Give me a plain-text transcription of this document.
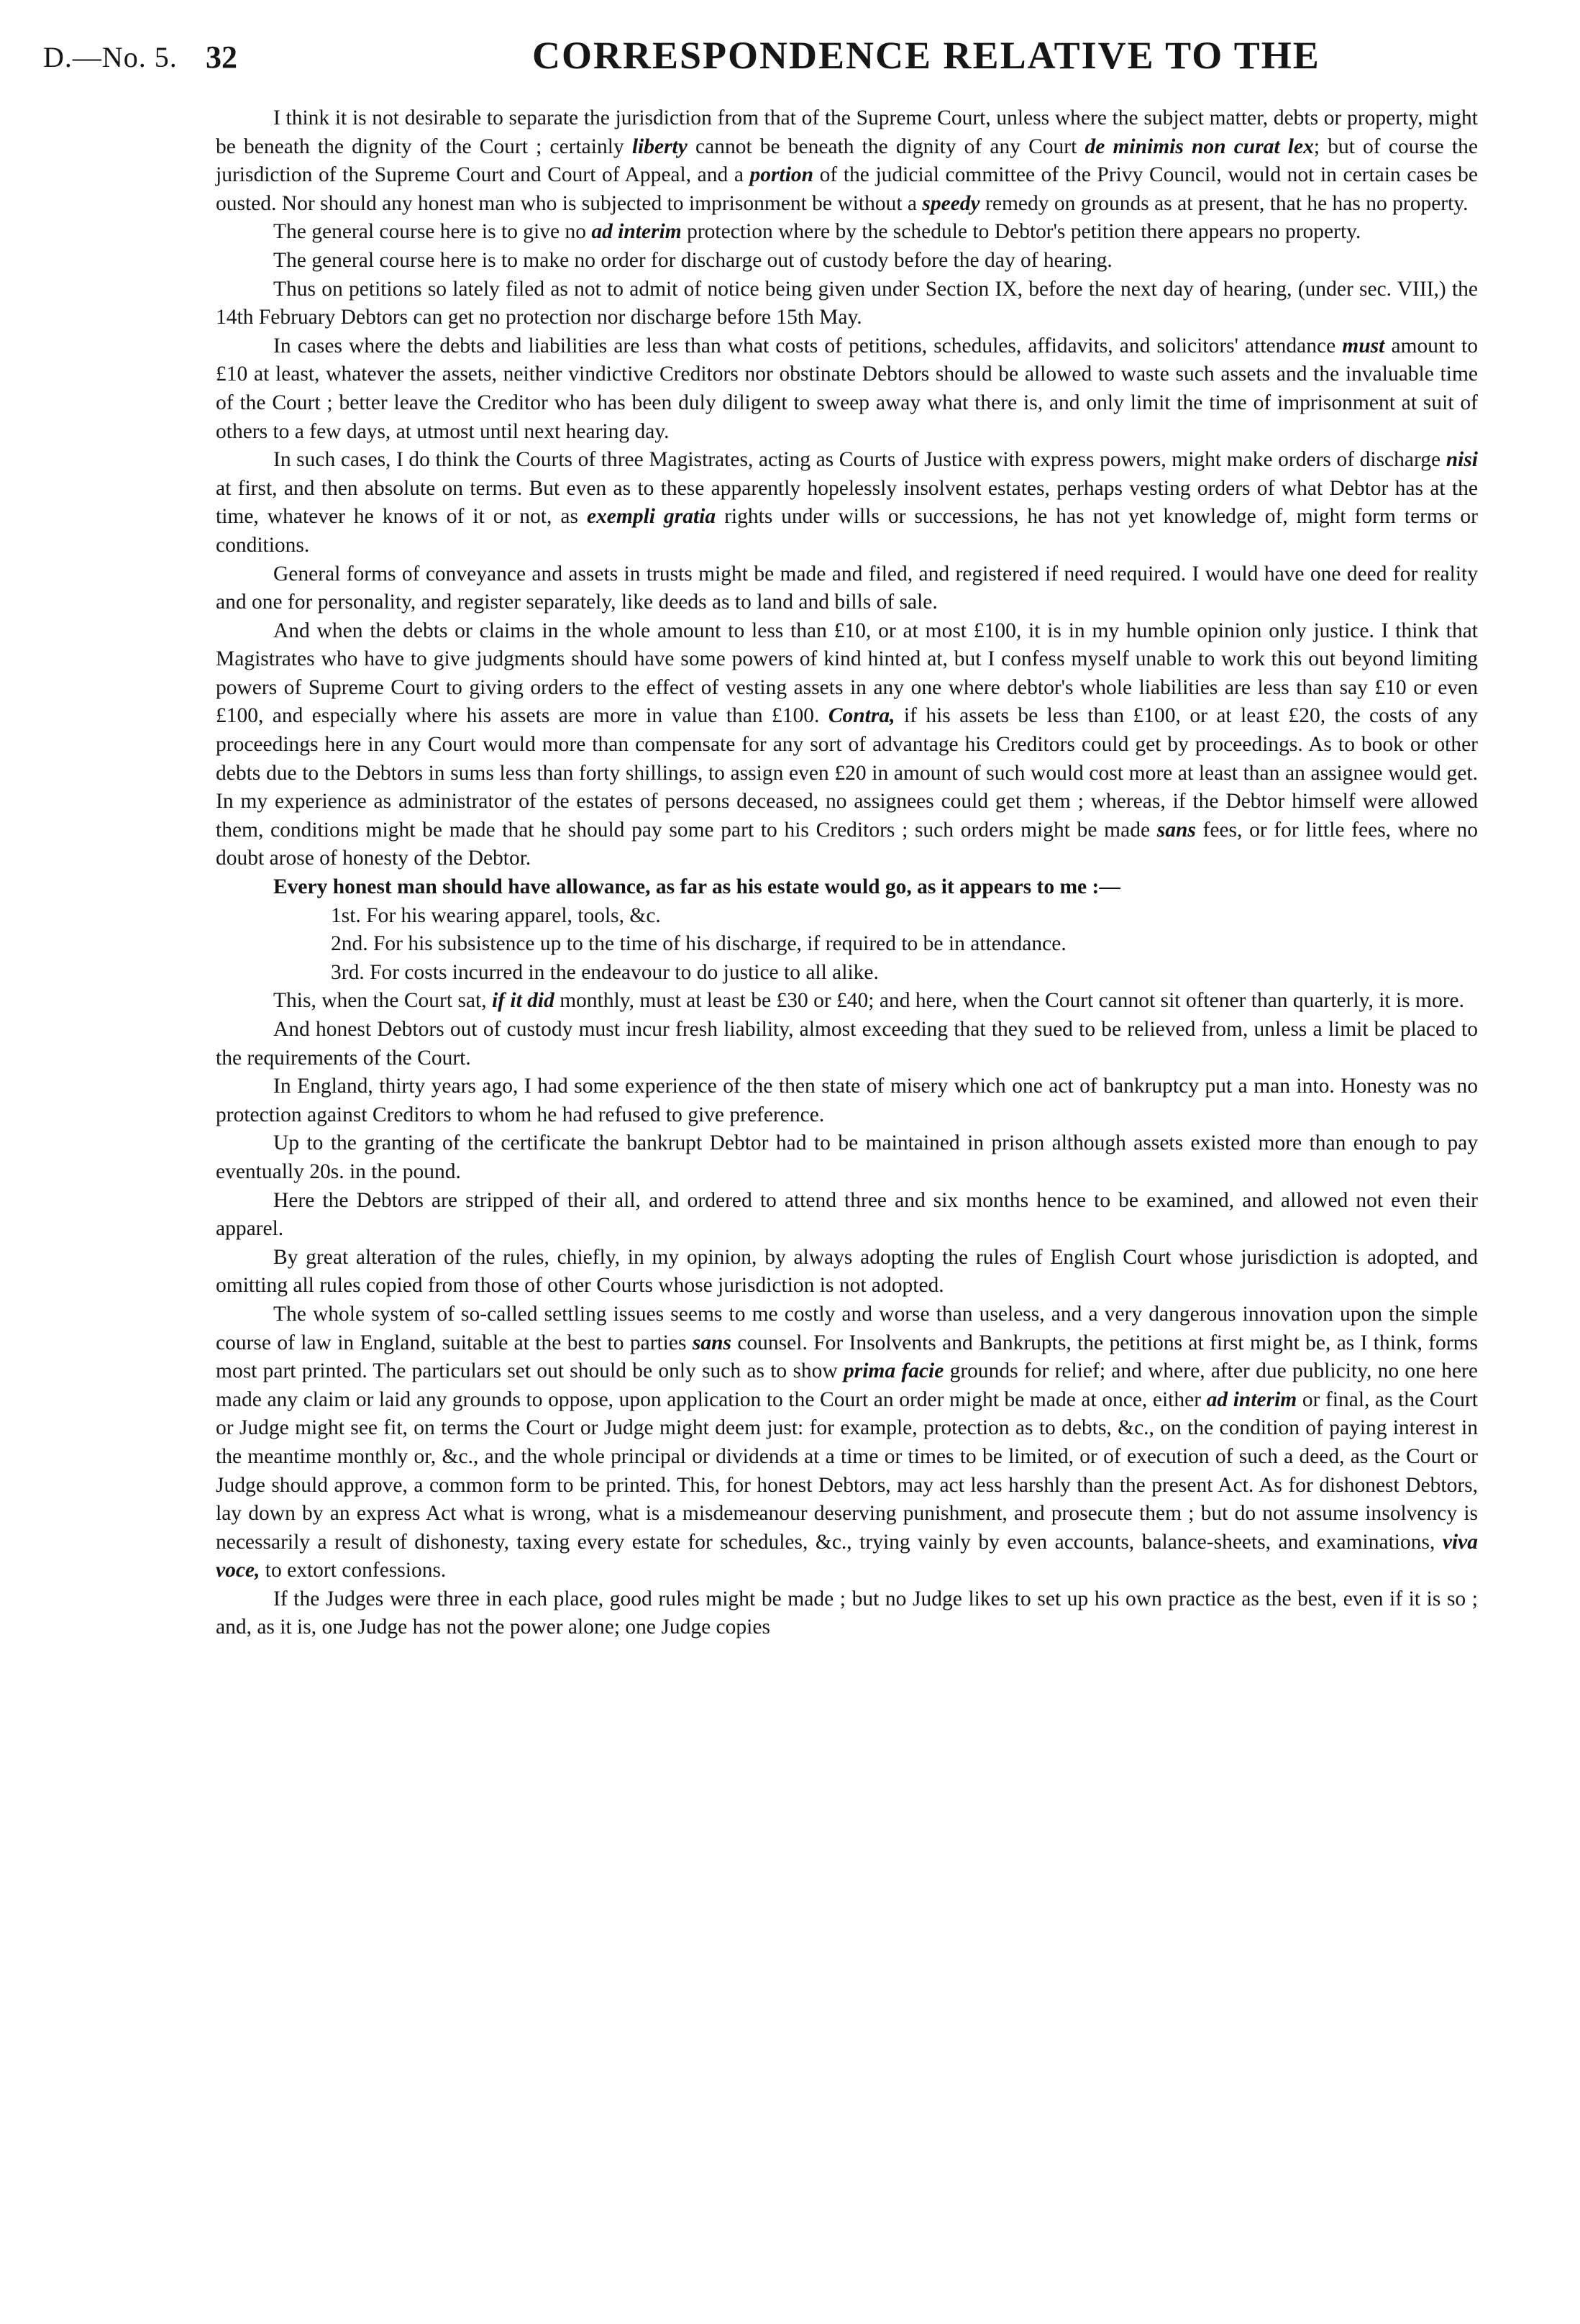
D.—No. 5. 32	CORRESPONDENCE RELATIVE TO THE

I think it is not desirable to separate the jurisdiction from that of the Supreme Court, unless where the subject matter, debts or property, might be beneath the dignity of the Court ; certainly liberty cannot be beneath the dignity of any Court de minimis non curat lex; but of course the jurisdiction of the Supreme Court and Court of Appeal, and a portion of the judicial committee of the Privy Council, would not in certain cases be ousted. Nor should any honest man who is subjected to imprisonment be without a speedy remedy on grounds as at present, that he has no property.

The general course here is to give no ad interim protection where by the schedule to Debtor's petition there appears no property.

The general course here is to make no order for discharge out of custody before the day of hearing.

Thus on petitions so lately filed as not to admit of notice being given under Section IX, before the next day of hearing, (under sec. VIII,) the 14th February Debtors can get no protection nor discharge before 15th May.

In cases where the debts and liabilities are less than what costs of petitions, schedules, affidavits, and solicitors' attendance must amount to £10 at least, whatever the assets, neither vindictive Creditors nor obstinate Debtors should be allowed to waste such assets and the invaluable time of the Court ; better leave the Creditor who has been duly diligent to sweep away what there is, and only limit the time of imprisonment at suit of others to a few days, at utmost until next hearing day.

In such cases, I do think the Courts of three Magistrates, acting as Courts of Justice with express powers, might make orders of discharge nisi at first, and then absolute on terms. But even as to these apparently hopelessly insolvent estates, perhaps vesting orders of what Debtor has at the time, whatever he knows of it or not, as exempli gratia rights under wills or successions, he has not yet knowledge of, might form terms or conditions.

General forms of conveyance and assets in trusts might be made and filed, and registered if need required. I would have one deed for reality and one for personality, and register separately, like deeds as to land and bills of sale.

And when the debts or claims in the whole amount to less than £10, or at most £100, it is in my humble opinion only justice. I think that Magistrates who have to give judgments should have some powers of kind hinted at, but I confess myself unable to work this out beyond limiting powers of Supreme Court to giving orders to the effect of vesting assets in any one where debtor's whole liabilities are less than say £10 or even £100, and especially where his assets are more in value than £100. Contra, if his assets be less than £100, or at least £20, the costs of any proceedings here in any Court would more than compensate for any sort of advantage his Creditors could get by proceedings. As to book or other debts due to the Debtors in sums less than forty shillings, to assign even £20 in amount of such would cost more at least than an assignee would get. In my experience as administrator of the estates of persons deceased, no assignees could get them ; whereas, if the Debtor himself were allowed them, conditions might be made that he should pay some part to his Creditors ; such orders might be made sans fees, or for little fees, where no doubt arose of honesty of the Debtor.

Every honest man should have allowance, as far as his estate would go, as it appears to me :—

1st. For his wearing apparel, tools, &c.

2nd. For his subsistence up to the time of his discharge, if required to be in attendance.

3rd. For costs incurred in the endeavour to do justice to all alike.

This, when the Court sat, if it did monthly, must at least be £30 or £40; and here, when the Court cannot sit oftener than quarterly, it is more.

And honest Debtors out of custody must incur fresh liability, almost exceeding that they sued to be relieved from, unless a limit be placed to the requirements of the Court.

In England, thirty years ago, I had some experience of the then state of misery which one act of bankruptcy put a man into. Honesty was no protection against Creditors to whom he had refused to give preference.

Up to the granting of the certificate the bankrupt Debtor had to be maintained in prison although assets existed more than enough to pay eventually 20s. in the pound.

Here the Debtors are stripped of their all, and ordered to attend three and six months hence to be examined, and allowed not even their apparel.

By great alteration of the rules, chiefly, in my opinion, by always adopting the rules of English Court whose jurisdiction is adopted, and omitting all rules copied from those of other Courts whose jurisdiction is not adopted.

The whole system of so-called settling issues seems to me costly and worse than useless, and a very dangerous innovation upon the simple course of law in England, suitable at the best to parties sans counsel. For Insolvents and Bankrupts, the petitions at first might be, as I think, forms most part printed. The particulars set out should be only such as to show prima facie grounds for relief; and where, after due publicity, no one here made any claim or laid any grounds to oppose, upon application to the Court an order might be made at once, either ad interim or final, as the Court or Judge might see fit, on terms the Court or Judge might deem just: for example, protection as to debts, &c., on the condition of paying interest in the meantime monthly or, &c., and the whole principal or dividends at a time or times to be limited, or of execution of such a deed, as the Court or Judge should approve, a common form to be printed. This, for honest Debtors, may act less harshly than the present Act. As for dishonest Debtors, lay down by an express Act what is wrong, what is a misdemeanour deserving punishment, and prosecute them ; but do not assume insolvency is necessarily a result of dishonesty, taxing every estate for schedules, &c., trying vainly by even accounts, balance-sheets, and examinations, viva voce, to extort confessions.

If the Judges were three in each place, good rules might be made ; but no Judge likes to set up his own practice as the best, even if it is so ; and, as it is, one Judge has not the power alone; one Judge copies
